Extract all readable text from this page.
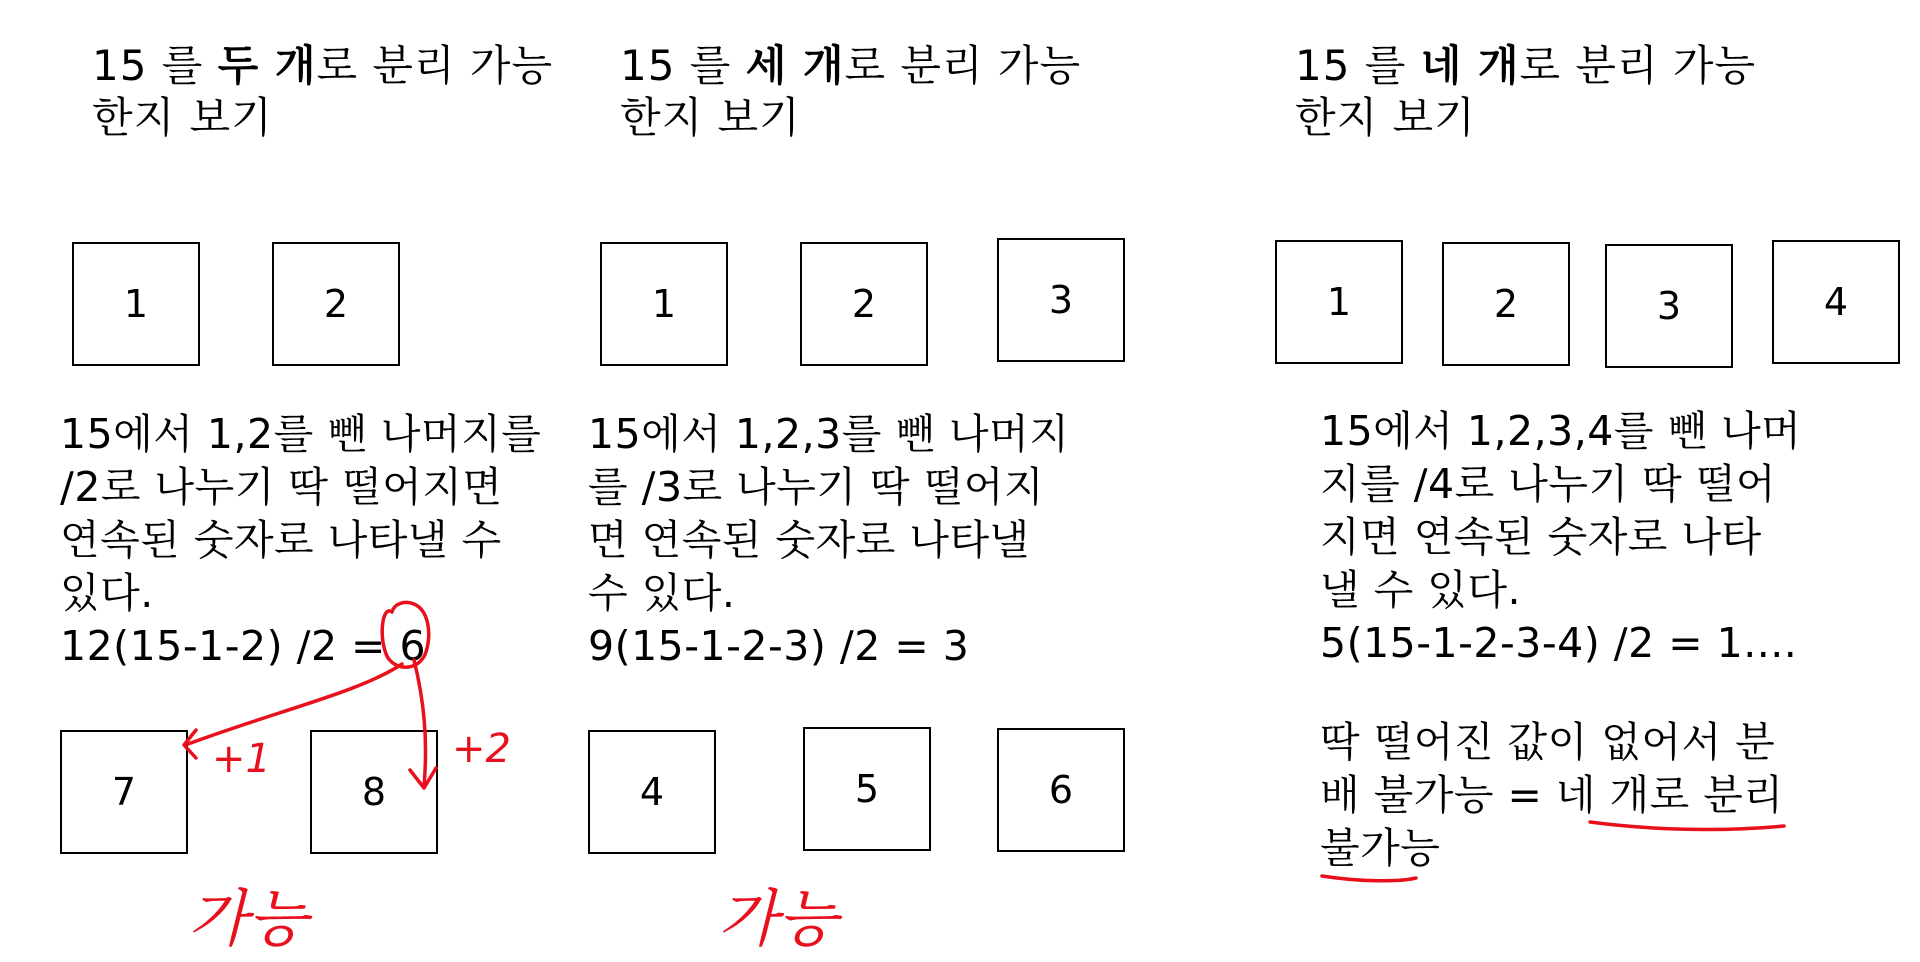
15 를 두 개로 분리 가능
한지 보기
1	2
15에서 1,2를 뺀 나머지를
/2로 나누기 딱 떨어지면
연속된 숫자로 나타낼 수
있다.
12(15-1-2) /2 = 6
7	8
15 를 세 개로 분리 가능
한지 보기
1	2	3
15에서 1,2,3를 뺀 나머지
를 /3로 나누기 딱 떨어지
면 연속된 숫자로 나타낼
수 있다.
9(15-1-2-3) /2 = 3
4	5	6
15 를 네 개로 분리 가능
한지 보기
1	2	3	4
15에서 1,2,3,4를 뺀 나머
지를 /4로 나누기 딱 떨어
지면 연속된 숫자로 나타
낼 수 있다.
5(15-1-2-3-4) /2 = 1....
딱 떨어진 값이 없어서 분
배 불가능 = 네 개로 분리
불가능
+1	+2
가능	가능
